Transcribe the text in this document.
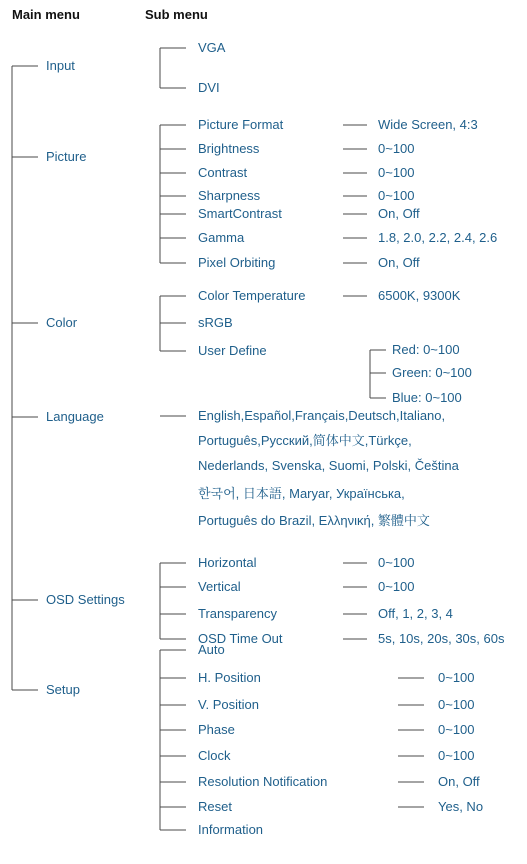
Main menu	Sub menu
Input
Picture
Color
Language
OSD Settings
Setup
VGA
DVI
Picture Format
Brightness
Contrast
Sharpness
SmartContrast
Gamma
Pixel Orbiting
Wide Screen, 4:3
0~100
0~100
0~100
On, Off
1.8, 2.0, 2.2, 2.4, 2.6
On, Off
Color Temperature
sRGB
User Define
6500K, 9300K
Red: 0~100
Green: 0~100
Blue: 0~100
English,Español,Français,Deutsch,Italiano,
Português,Русский,简体中文,Türkçe,
Nederlands, Svenska, Suomi, Polski, Čeština
한국어, 日本語, Maryar, Українська,
Português do Brazil, Ελληνική, 繁體中文
Horizontal
Vertical
Transparency
OSD Time Out
0~100
0~100
Off, 1, 2, 3, 4
5s, 10s, 20s, 30s, 60s
Auto
H. Position
V. Position
Phase
Clock
Resolution Notification
Reset
Information
0~100
0~100
0~100
0~100
On, Off
Yes, No
